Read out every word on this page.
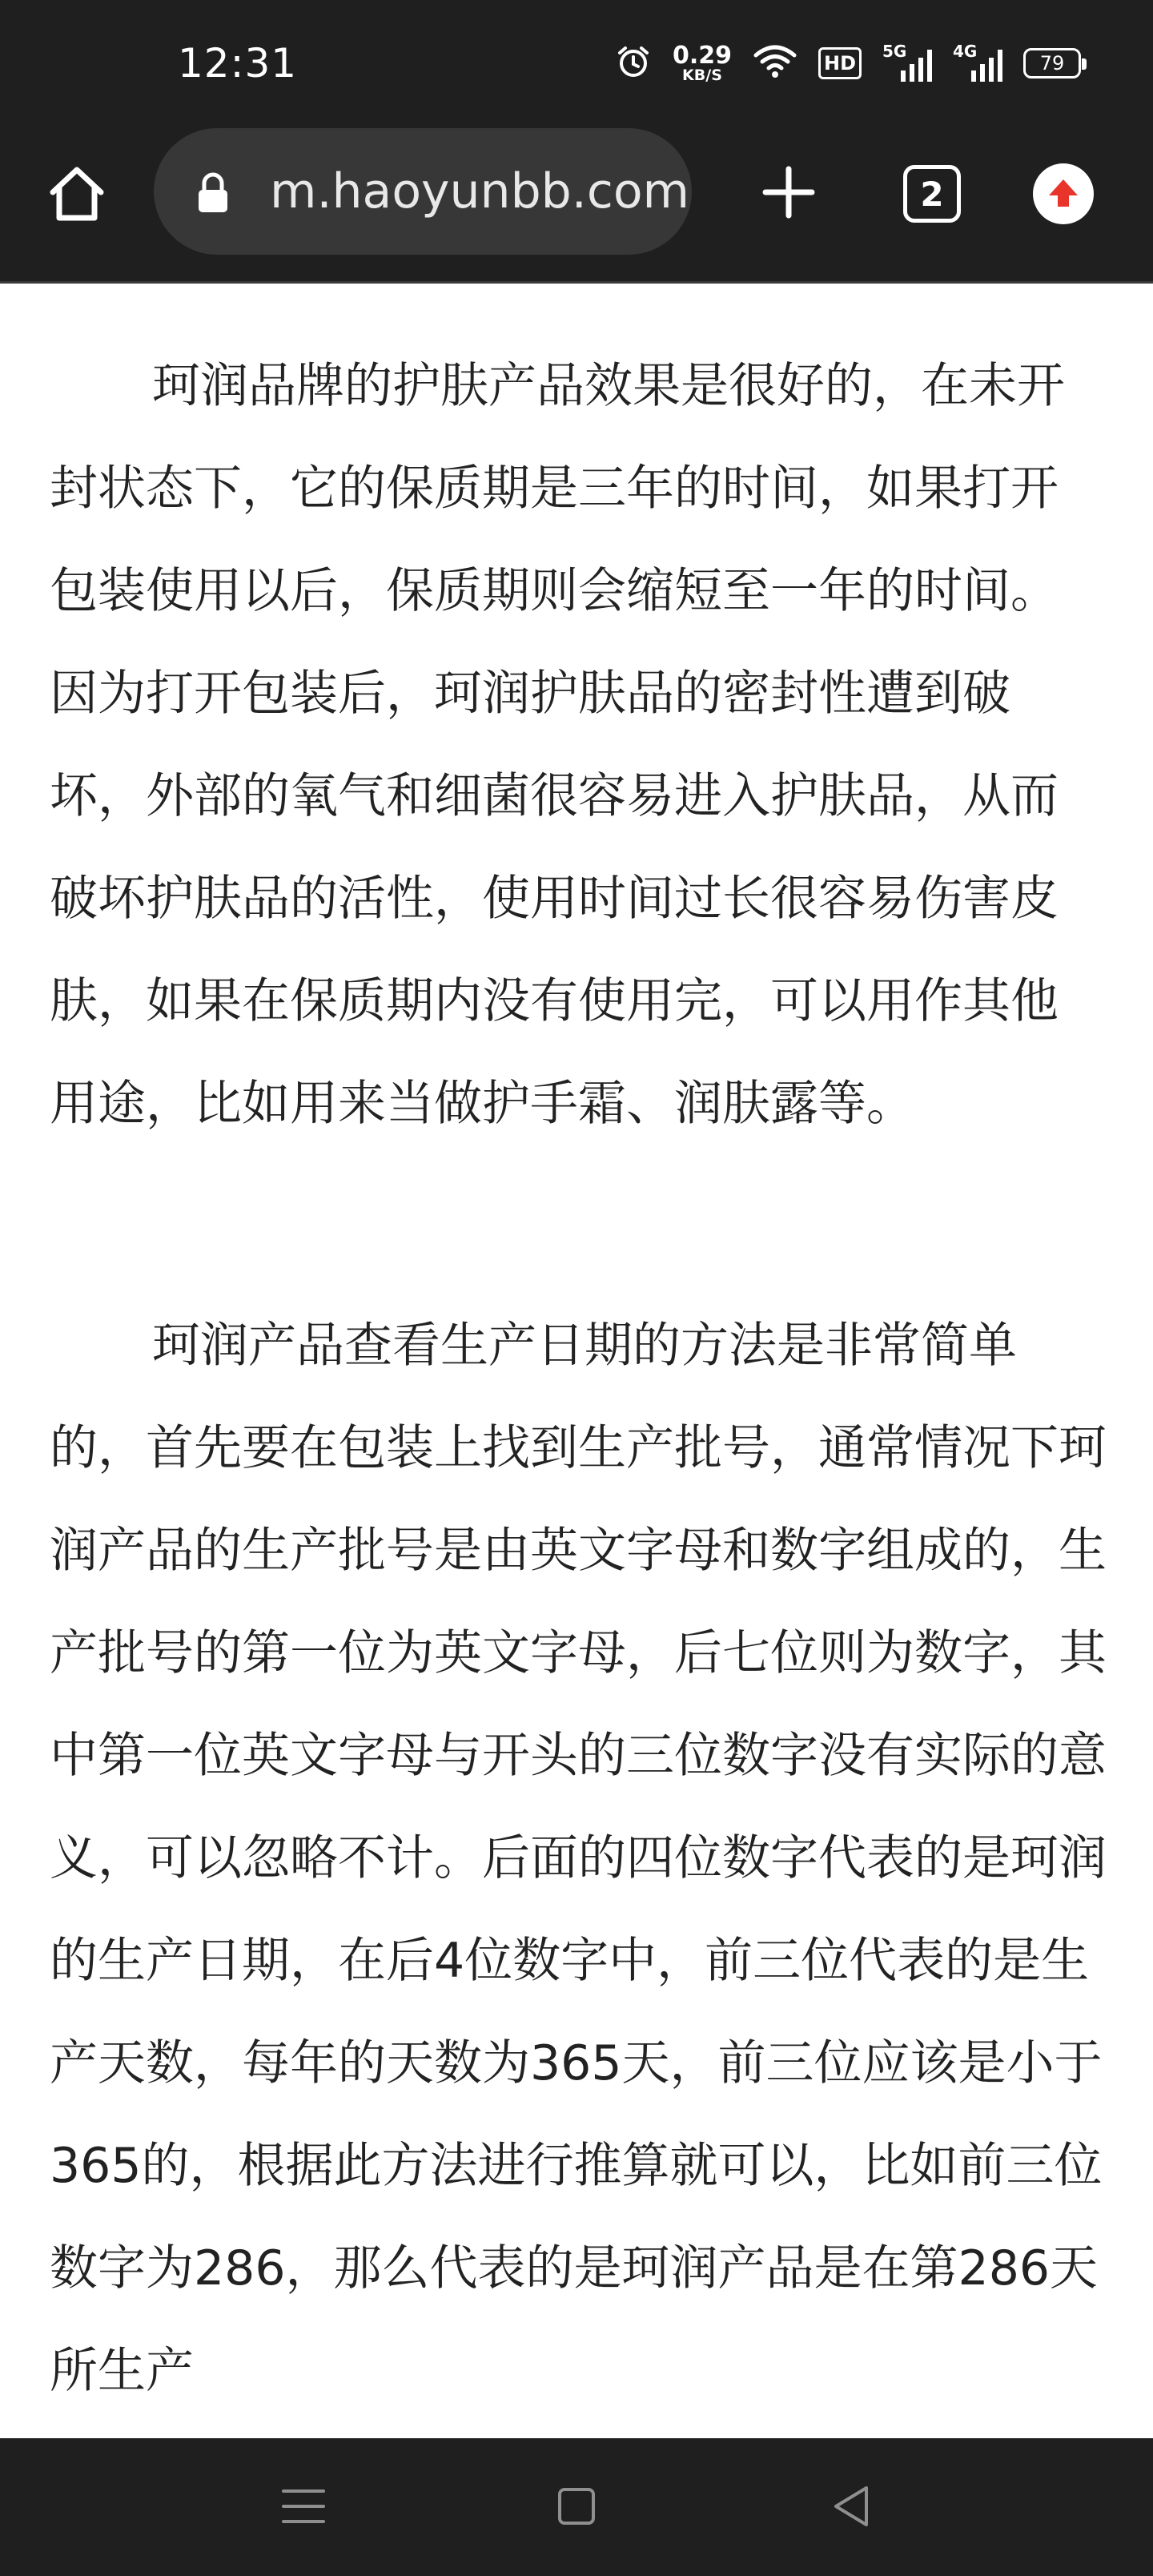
12:31	0.29
KB/S
HD
5G	4G
79
m.haoyunbb.com	2

珂润品牌的护肤产品效果是很好的，在未开封状态下，它的保质期是三年的时间，如果打开包装使用以后，保质期则会缩短至一年的时间。因为打开包装后，珂润护肤品的密封性遭到破坏，外部的氧气和细菌很容易进入护肤品，从而破坏护肤品的活性，使用时间过长很容易伤害皮肤，如果在保质期内没有使用完，可以用作其他用途，比如用来当做护手霜、润肤露等。

珂润产品查看生产日期的方法是非常简单的，首先要在包装上找到生产批号，通常情况下珂润产品的生产批号是由英文字母和数字组成的，生产批号的第一位为英文字母，后七位则为数字，其中第一位英文字母与开头的三位数字没有实际的意义，可以忽略不计。后面的四位数字代表的是珂润的生产日期，在后4位数字中，前三位代表的是生产天数，每年的天数为365天，前三位应该是小于365的，根据此方法进行推算就可以，比如前三位数字为286，那么代表的是珂润产品是在第286天所生产
